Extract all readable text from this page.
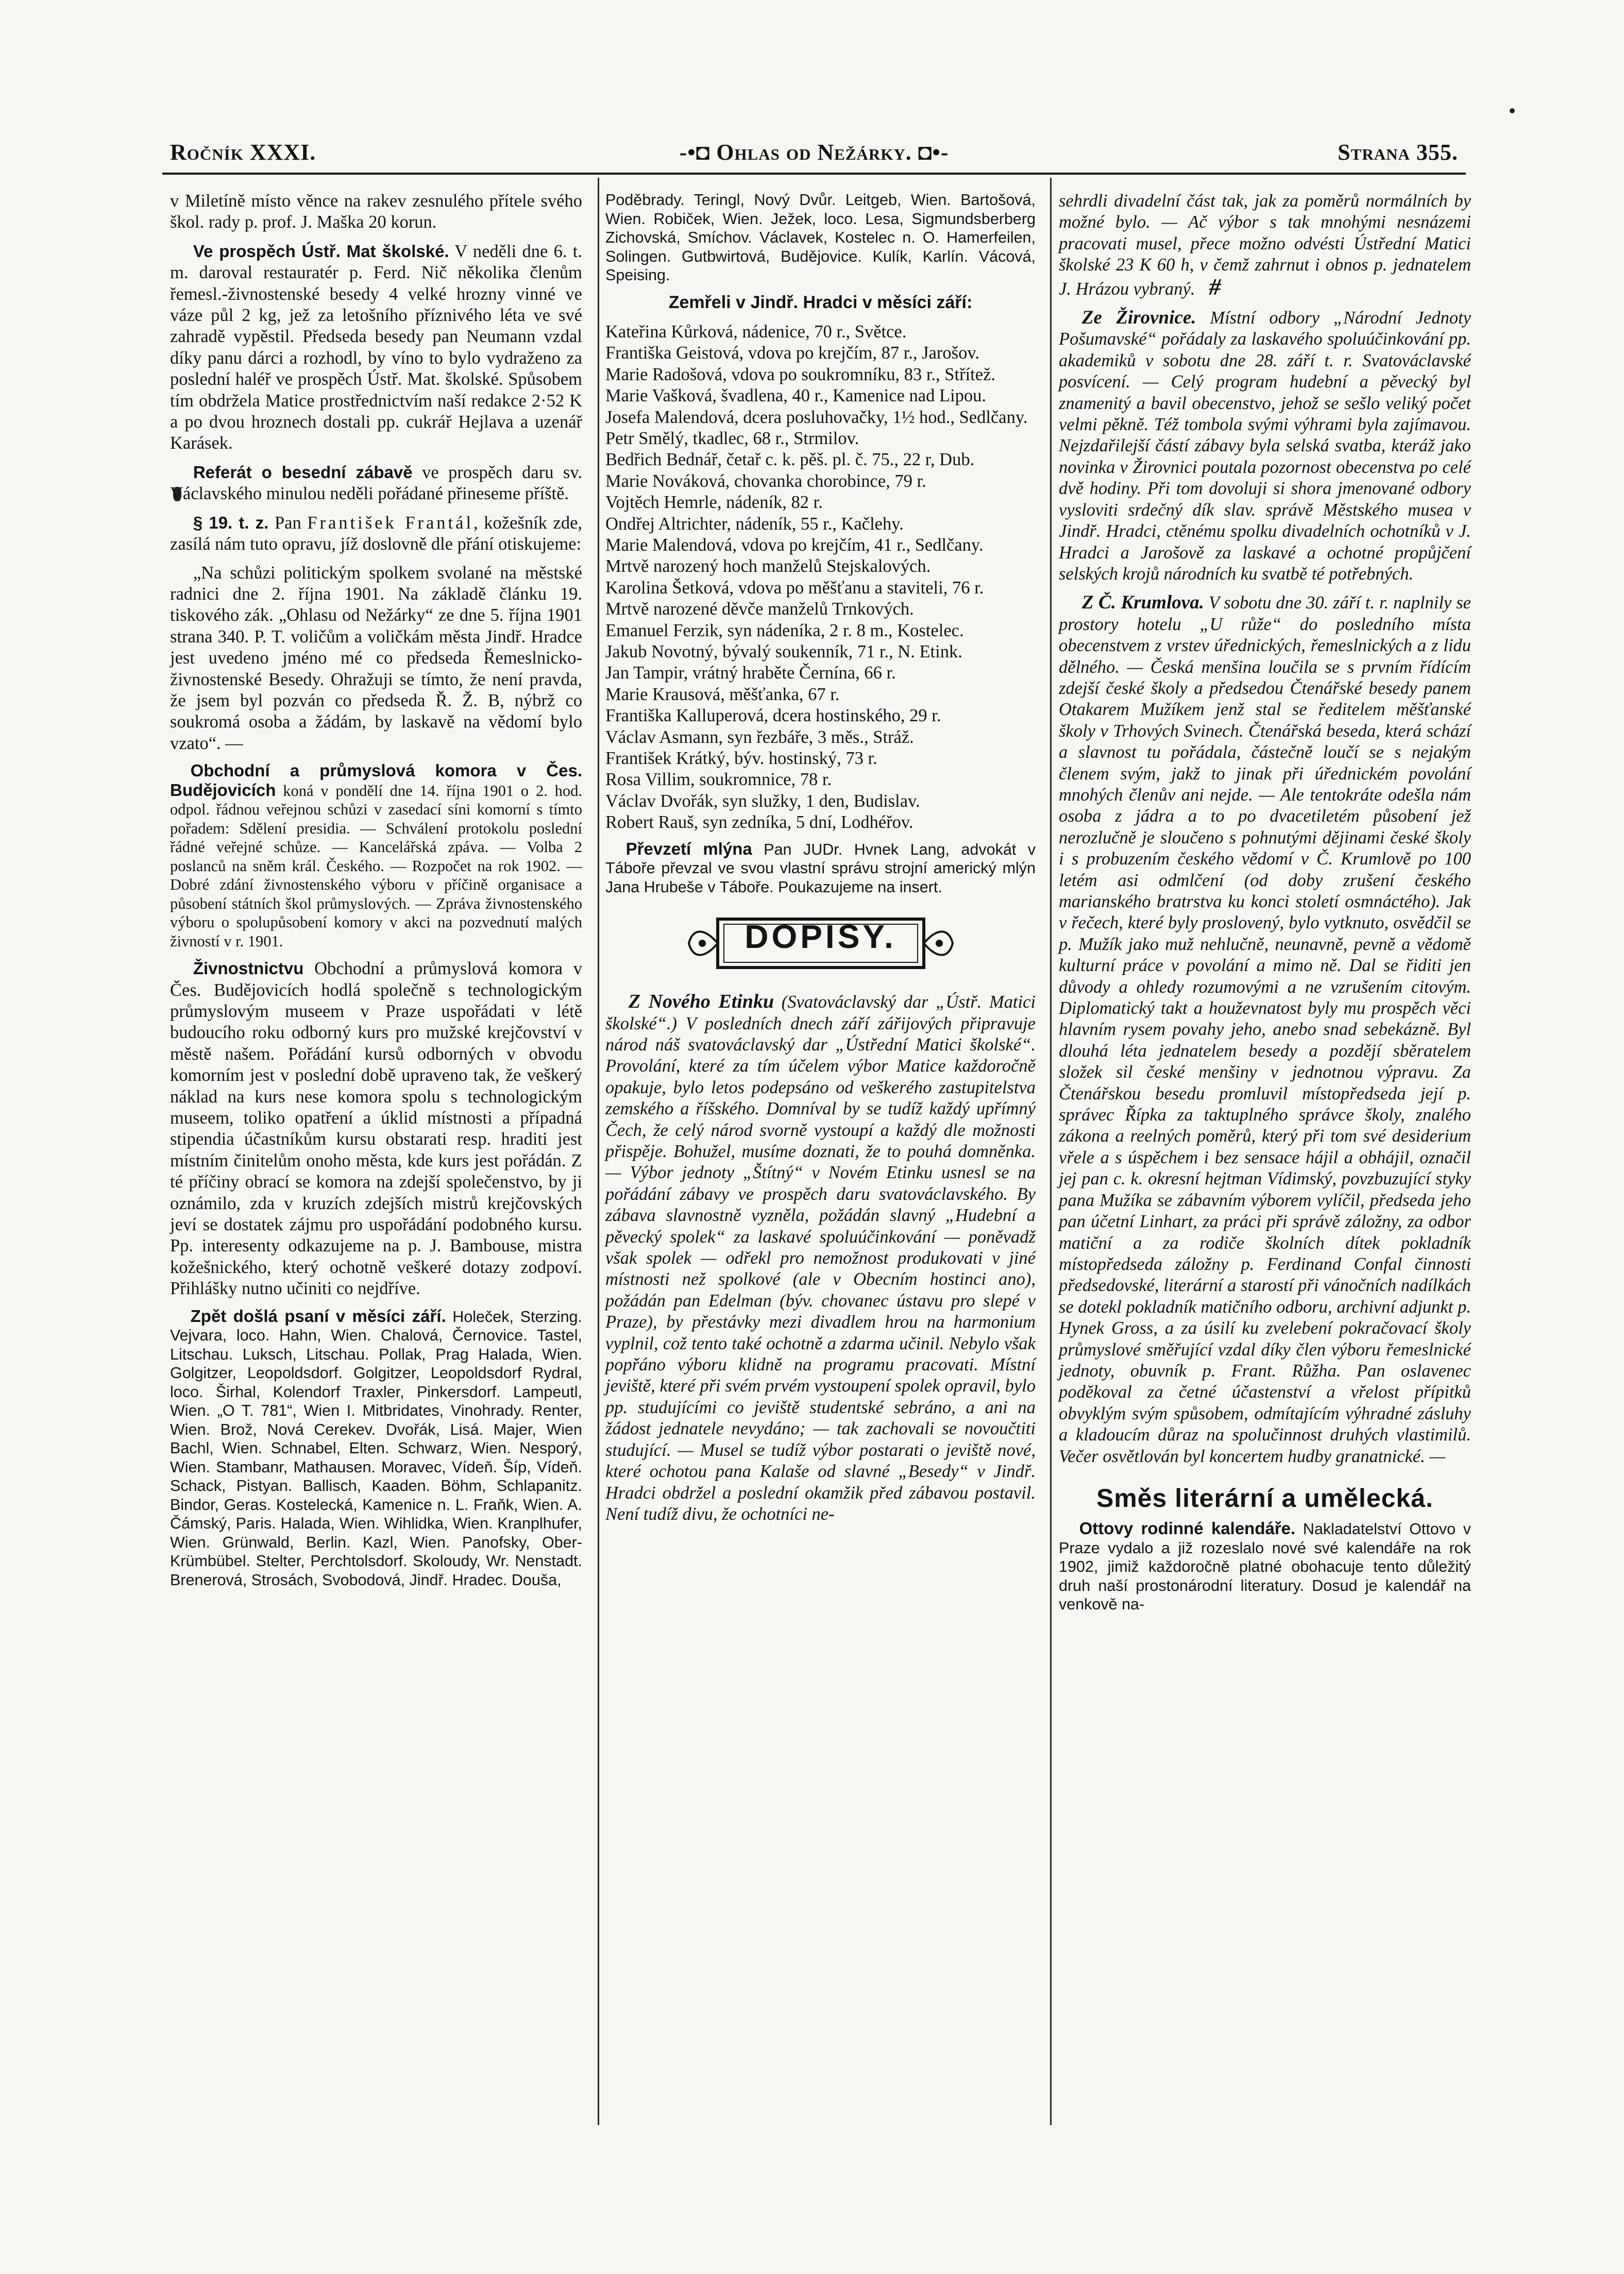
Ročník XXXI.	-•◘ Ohlas od Nežárky. ◘•-	Strana 355.

v Miletíně místo věnce na rakev zesnulého přítele svého škol. rady p. prof. J. Maška 20 korun.

Ve prospěch Ústř. Mat školské. V neděli dne 6. t. m. daroval restauratér p. Ferd. Nič několika členům řemesl.-živnostenské besedy 4 velké hrozny vinné ve váze půl 2 kg, jež za letošního příznivého léta ve své zahradě vypěstil. Předseda besedy pan Neumann vzdal díky panu dárci a rozhodl, by víno to bylo vydraženo za poslední haléř ve prospěch Ústř. Mat. školské. Spůsobem tím obdržela Matice prostřednictvím naší redakce 2·52 K a po dvou hroznech dostali pp. cukrář Hejlava a uzenář Karásek.

Referát o besední zábavě ve prospěch daru sv. Václavského minulou neděli pořádané přineseme příště.

§ 19. t. z. Pan František Frantál, kožešník zde, zasílá nám tuto opravu, jíž doslovně dle přání otiskujeme:

„Na schůzi politickým spolkem svolané na městské radnici dne 2. října 1901. Na základě článku 19. tiskového zák. „Ohlasu od Nežárky“ ze dne 5. října 1901 strana 340. P. T. voličům a voličkám města Jindř. Hradce jest uvedeno jméno mé co předseda Řemeslnicko-živnostenské Besedy. Ohražuji se tímto, že není pravda, že jsem byl pozván co předseda Ř. Ž. B, nýbrž co soukromá osoba a žádám, by laskavě na vědomí bylo vzato“. —

Obchodní a průmyslová komora v Čes. Budějovicích koná v pondělí dne 14. října 1901 o 2. hod. odpol. řádnou veřejnou schůzi v zasedací síni komorní s tímto pořadem: Sdělení presidia. — Schválení protokolu poslední řádné veřejné schůze. — Kancelářská zpáva. — Volba 2 poslanců na sněm král. Českého. — Rozpočet na rok 1902. — Dobré zdání živnostenského výboru v příčině organisace a působení státních škol průmyslových. — Zpráva živnostenského výboru o spolupůsobení komory v akci na pozvednutí malých živností v r. 1901.

Živnostnictvu Obchodní a průmyslová komora v Čes. Budějovicích hodlá společně s technologickým průmyslovým museem v Praze uspořádati v létě budoucího roku odborný kurs pro mužské krejčovství v městě našem. Pořádání kursů odborných v obvodu komorním jest v poslední době upraveno tak, že veškerý náklad na kurs nese komora spolu s technologickým museem, toliko opatření a úklid místnosti a případná stipendia účastníkům kursu obstarati resp. hraditi jest místním činitelům onoho města, kde kurs jest pořádán. Z té příčiny obrací se komora na zdejší společenstvo, by ji oznámilo, zda v kruzích zdejších mistrů krejčovských jeví se dostatek zájmu pro uspořádání podobného kursu. Pp. interesenty odkazujeme na p. J. Bambouse, mistra kožešnického, který ochotně veškeré dotazy zodpoví. Přihlášky nutno učiniti co nejdříve.

Zpět došlá psaní v měsíci září. Holeček, Sterzing. Vejvara, loco. Hahn, Wien. Chalová, Černovice. Tastel, Litschau. Luksch, Litschau. Pollak, Prag Halada, Wien. Golgitzer, Leopoldsdorf. Golgitzer, Leopoldsdorf Rydral, loco. Širhal, Kolendorf Traxler, Pinkersdorf. Lampeutl, Wien. „O T. 781“, Wien I. Mitbridates, Vinohrady. Renter, Wien. Brož, Nová Cerekev. Dvořák, Lisá. Majer, Wien Bachl, Wien. Schnabel, Elten. Schwarz, Wien. Nesporý, Wien. Stambanr, Mathausen. Moravec, Vídeň. Šíp, Vídeň. Schack, Pistyan. Ballisch, Kaaden. Böhm, Schlapanitz. Bindor, Geras. Kostelecká, Kamenice n. L. Fraňk, Wien. A. Čámský, Paris. Halada, Wien. Wihlidka, Wien. Kranplhufer, Wien. Grünwald, Berlin. Kazl, Wien. Panofsky, Ober-Krümbübel. Stelter, Perchtolsdorf. Skoloudy, Wr. Nenstadt. Brenerová, Strosách, Svobodová, Jindř. Hradec. Douša,

Poděbrady. Teringl, Nový Dvůr. Leitgeb, Wien. Bartošová, Wien. Robiček, Wien. Ježek, loco. Lesa, Sigmundsberberg Zichovská, Smíchov. Václavek, Kostelec n. O. Hamerfeilen, Solingen. Gutbwirtová, Budějovice. Kulík, Karlín. Vácová, Speising.

Zemřeli v Jindř. Hradci v měsíci září:
Kateřina Kůrková, nádenice, 70 r., Světce.
Františka Geistová, vdova po krejčím, 87 r., Jarošov.
Marie Radošová, vdova po soukromníku, 83 r., Střítež.
Marie Vašková, švadlena, 40 r., Kamenice nad Lipou.
Josefa Malendová, dcera posluhovačky, 1½ hod., Sedlčany.
Petr Smělý, tkadlec, 68 r., Strmilov.
Bedřich Bednář, četař c. k. pěš. pl. č. 75., 22 r, Dub.
Marie Nováková, chovanka chorobince, 79 r.
Vojtěch Hemrle, nádeník, 82 r.
Ondřej Altrichter, nádeník, 55 r., Kačlehy.
Marie Malendová, vdova po krejčím, 41 r., Sedlčany.
Mrtvě narozený hoch manželů Stejskalových.
Karolina Šetková, vdova po měšťanu a staviteli, 76 r.
Mrtvě narozené děvče manželů Trnkových.
Emanuel Ferzik, syn nádeníka, 2 r. 8 m., Kostelec.
Jakub Novotný, bývalý soukenník, 71 r., N. Etink.
Jan Tampir, vrátný hraběte Černína, 66 r.
Marie Krausová, měšťanka, 67 r.
Františka Kalluperová, dcera hostinského, 29 r.
Václav Asmann, syn řezbáře, 3 měs., Stráž.
František Krátký, býv. hostinský, 73 r.
Rosa Villim, soukromnice, 78 r.
Václav Dvořák, syn služky, 1 den, Budislav.
Robert Rauš, syn zedníka, 5 dní, Lodhéřov.

Převzetí mlýna Pan JUDr. Hvnek Lang, advokát v Táboře převzal ve svou vlastní správu strojní americký mlýn Jana Hrubeše v Táboře. Poukazujeme na insert.

DOPISY.

Z Nového Etinku (Svatováclavský dar „Ústř. Matici školské“.) V posledních dnech září zářijových připravuje národ náš svatováclavský dar „Ústřední Matici školské“. Provolání, které za tím účelem výbor Matice každoročně opakuje, bylo letos podepsáno od veškerého zastupitelstva zemského a říšského. Domníval by se tudíž každý upřímný Čech, že celý národ svorně vystoupí a každý dle možnosti přispěje. Bohužel, musíme doznati, že to pouhá domněnka. — Výbor jednoty „Štítný“ v Novém Etinku usnesl se na pořádání zábavy ve prospěch daru svatováclavského. By zábava slavnostně vyzněla, požádán slavný „Hudební a pěvecký spolek“ za laskavé spoluúčinkování — poněvadž však spolek — odřekl pro nemožnost produkovati v jiné místnosti než spolkové (ale v Obecním hostinci ano), požádán pan Edelman (býv. chovanec ústavu pro slepé v Praze), by přestávky mezi divadlem hrou na harmonium vyplnil, což tento také ochotně a zdarma učinil. Nebylo však popřáno výboru klidně na programu pracovati. Místní jeviště, které při svém prvém vystoupení spolek opravil, bylo pp. studujícími co jeviště studentské sebráno, a ani na žádost jednatele nevydáno; — tak zachovali se novoučtiti studující. — Musel se tudíž výbor postarati o jeviště nové, které ochotou pana Kalaše od slavné „Besedy“ v Jindř. Hradci obdržel a poslední okamžik před zábavou postavil. Není tudíž divu, že ochotníci ne-

sehrdli divadelní část tak, jak za poměrů normálních by možné bylo. — Ač výbor s tak mnohými nesnázemi pracovati musel, přece možno odvésti Ústřední Matici školské 23 K 60 h, v čemž zahrnut i obnos p. jednatelem J. Hrázou vybraný. #

Ze Žirovnice. Místní odbory „Národní Jednoty Pošumavské“ pořádaly za laskavého spoluúčinkování pp. akademiků v sobotu dne 28. září t. r. Svatováclavské posvícení. — Celý program hudební a pěvecký byl znamenitý a bavil obecenstvo, jehož se sešlo veliký počet velmi pěkně. Též tombola svými výhrami byla zajímavou. Nejzdařilejší částí zábavy byla selská svatba, kteráž jako novinka v Žirovnici poutala pozornost obecenstva po celé dvě hodiny. Při tom dovoluji si shora jmenované odbory vysloviti srdečný dík slav. správě Městského musea v Jindř. Hradci, ctěnému spolku divadelních ochotníků v J. Hradci a Jarošově za laskavé a ochotné propůjčení selských krojů národních ku svatbě té potřebných.

Z Č. Krumlova. V sobotu dne 30. září t. r. naplnily se prostory hotelu „U růže“ do posledního místa obecenstvem z vrstev úřednických, řemeslnických a z lidu dělného. — Česká menšina loučila se s prvním řídícím zdejší české školy a předsedou Čtenářské besedy panem Otakarem Mužíkem jenž stal se ředitelem měšťanské školy v Trhových Svinech. Čtenářská beseda, která schází a slavnost tu pořádala, částečně loučí se s nejakým členem svým, jakž to jinak při úřednickém povolání mnohých členův ani nejde. — Ale tentokráte odešla nám osoba z jádra a to po dvacetiletém působení jež nerozlučně je sloučeno s pohnutými dějinami české školy i s probuzením českého vědomí v Č. Krumlově po 100 letém asi odmlčení (od doby zrušení českého marianského bratrstva ku konci století osmnáctého). Jak v řečech, které byly proslovený, bylo vytknuto, osvědčil se p. Mužík jako muž nehlučně, neunavně, pevně a vědomě kulturní práce v povolání a mimo ně. Dal se řiditi jen důvody a ohledy rozumovými a ne vzrušením citovým. Diplomatický takt a houževnatost byly mu prospěch věci hlavním rysem povahy jeho, anebo snad sebekázně. Byl dlouhá léta jednatelem besedy a pozdějí sběratelem složek sil české menšiny v jednotnou výpravu. Za Čtenářskou besedu promluvil místopředseda její p. správec Řípka za taktuplného správce školy, znalého zákona a reelných poměrů, který při tom své desiderium vřele a s úspěchem i bez sensace hájil a obhájil, označil jej pan c. k. okresní hejtman Vídimský, povzbuzující styky pana Mužíka se zábavním výborem vylíčil, předseda jeho pan účetní Linhart, za práci při správě záložny, za odbor matiční a za rodiče školních dítek pokladník místopředseda záložny p. Ferdinand Confal činnosti předsedovské, literární a starostí při vánočních nadílkách se dotekl pokladník matičního odboru, archivní adjunkt p. Hynek Gross, a za úsilí ku zvelebení pokračovací školy průmyslové směřující vzdal díky člen výboru řemeslnické jednoty, obuvník p. Frant. Růžha. Pan oslavenec poděkoval za četné účastenství a vřelost přípitků obvyklým svým spůsobem, odmítajícím výhradné zásluhy a kladoucím důraz na spolučinnost druhých vlastimilů. Večer osvětlován byl koncertem hudby granatnické. —

Směs literární a umělecká.

Ottovy rodinné kalendáře. Nakladatelství Ottovo v Praze vydalo a již rozeslalo nové své kalendáře na rok 1902, jimiž každoročně platné obohacuje tento důležitý druh naší prostonárodní literatury. Dosud je kalendář na venkově na-
